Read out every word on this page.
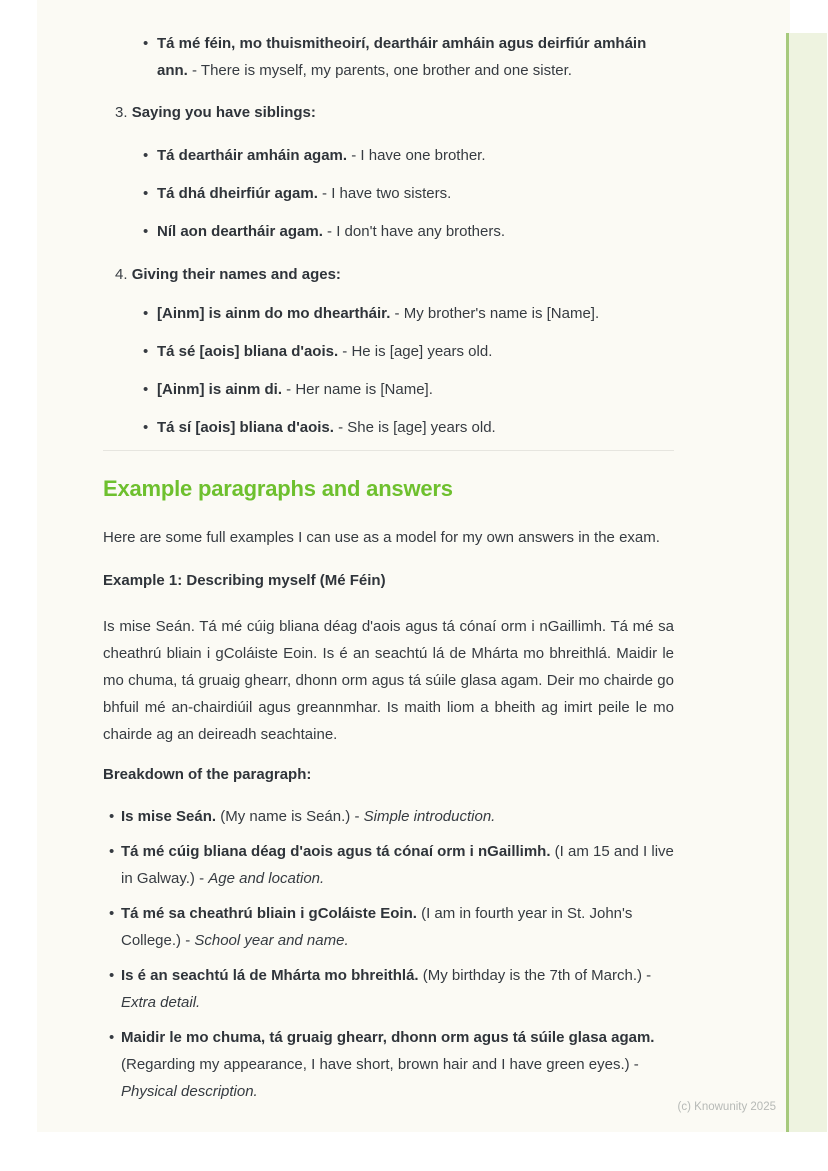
• Tá mé féin, mo thuismitheoirí, deartháir amháin agus deirfiúr amháin ann. - There is myself, my parents, one brother and one sister.

3. Saying you have siblings:

• Tá deartháir amháin agam. - I have one brother.
• Tá dhá dheirfiúr agam. - I have two sisters.
• Níl aon deartháir agam. - I don't have any brothers.

4. Giving their names and ages:

• [Ainm] is ainm do mo dheartháir. - My brother's name is [Name].
• Tá sé [aois] bliana d'aois. - He is [age] years old.
• [Ainm] is ainm di. - Her name is [Name].
• Tá sí [aois] bliana d'aois. - She is [age] years old.
Example paragraphs and answers

Here are some full examples I can use as a model for my own answers in the exam.

Example 1: Describing myself (Mé Féin)

Is mise Seán. Tá mé cúig bliana déag d'aois agus tá cónaí orm i nGaillimh. Tá mé sa cheathrú bliain i gColáiste Eoin. Is é an seachtú lá de Mhárta mo bhreithlá. Maidir le mo chuma, tá gruaig ghearr, dhonn orm agus tá súile glasa agam. Deir mo chairde go bhfuil mé an-chairdiúil agus greannmhar. Is maith liom a bheith ag imirt peile le mo chairde ag an deireadh seachtaine.

Breakdown of the paragraph:

• Is mise Seán. (My name is Seán.) - Simple introduction.
• Tá mé cúig bliana déag d'aois agus tá cónaí orm i nGaillimh. (I am 15 and I live in Galway.) - Age and location.
• Tá mé sa cheathrú bliain i gColáiste Eoin. (I am in fourth year in St. John's College.) - School year and name.
• Is é an seachtú lá de Mhárta mo bhreithlá. (My birthday is the 7th of March.) - Extra detail.
• Maidir le mo chuma, tá gruaig ghearr, dhonn orm agus tá súile glasa agam. (Regarding my appearance, I have short, brown hair and I have green eyes.) - Physical description.
(c) Knowunity 2025
